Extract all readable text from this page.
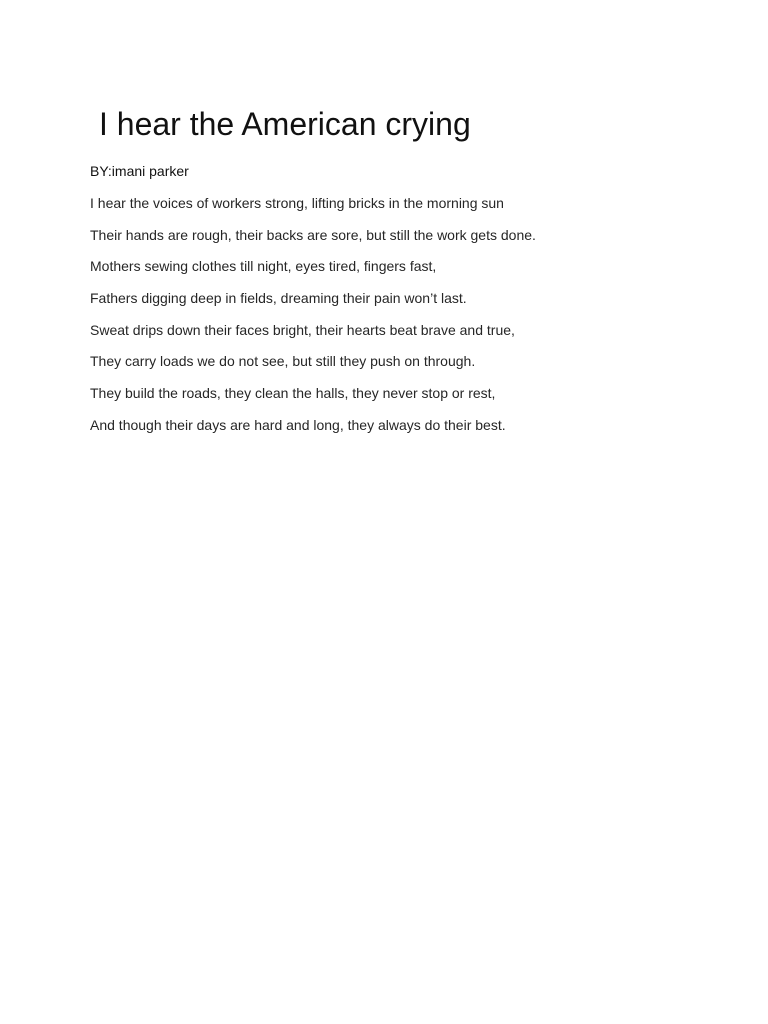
I hear the American crying

BY:imani parker

I hear the voices of workers strong, lifting bricks in the morning sun

Their hands are rough, their backs are sore, but still the work gets done.

Mothers sewing clothes till night, eyes tired, fingers fast,

Fathers digging deep in fields, dreaming their pain won’t last.

Sweat drips down their faces bright, their hearts beat brave and true,

They carry loads we do not see, but still they push on through.

They build the roads, they clean the halls, they never stop or rest,

And though their days are hard and long, they always do their best.
